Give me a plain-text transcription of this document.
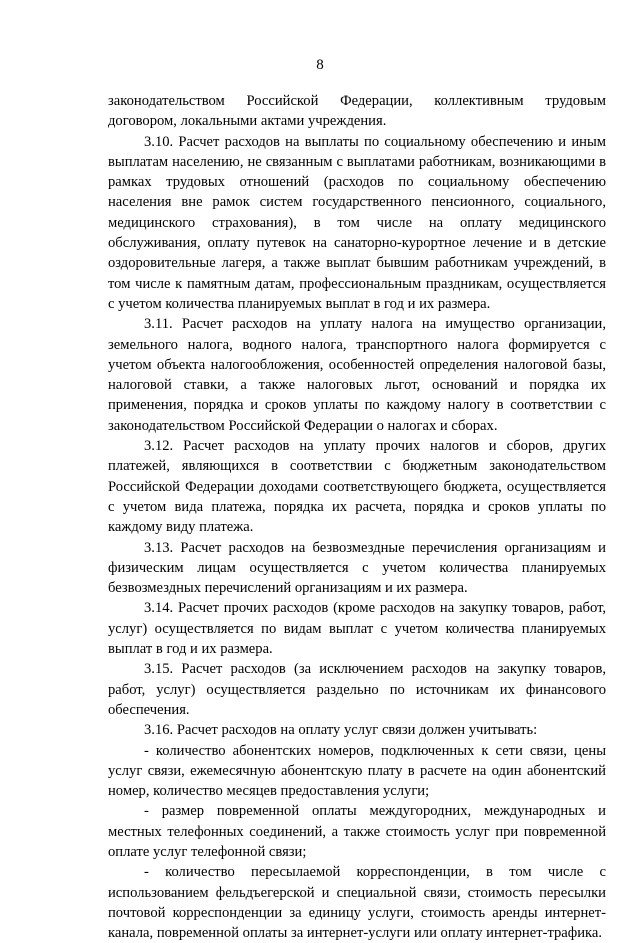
8

законодательством Российской Федерации, коллективным трудовым договором, локальными актами учреждения.

3.10. Расчет расходов на выплаты по социальному обеспечению и иным выплатам населению, не связанным с выплатами работникам, возникающими в рамках трудовых отношений (расходов по социальному обеспечению населения вне рамок систем государственного пенсионного, социального, медицинского страхования), в том числе на оплату медицинского обслуживания, оплату путевок на санаторно-курортное лечение и в детские оздоровительные лагеря, а также выплат бывшим работникам учреждений, в том числе к памятным датам, профессиональным праздникам, осуществляется с учетом количества планируемых выплат в год и их размера.

3.11. Расчет расходов на уплату налога на имущество организации, земельного налога, водного налога, транспортного налога формируется с учетом объекта налогообложения, особенностей определения налоговой базы, налоговой ставки, а также налоговых льгот, оснований и порядка их применения, порядка и сроков уплаты по каждому налогу в соответствии с законодательством Российской Федерации о налогах и сборах.

3.12. Расчет расходов на уплату прочих налогов и сборов, других платежей, являющихся в соответствии с бюджетным законодательством Российской Федерации доходами соответствующего бюджета, осуществляется с учетом вида платежа, порядка их расчета, порядка и сроков уплаты по каждому виду платежа.

3.13. Расчет расходов на безвозмездные перечисления организациям и физическим лицам осуществляется с учетом количества планируемых безвозмездных перечислений организациям и их размера.

3.14. Расчет прочих расходов (кроме расходов на закупку товаров, работ, услуг) осуществляется по видам выплат с учетом количества планируемых выплат в год и их размера.

3.15. Расчет расходов (за исключением расходов на закупку товаров, работ, услуг) осуществляется раздельно по источникам их финансового обеспечения.

3.16. Расчет расходов на оплату услуг связи должен учитывать:

- количество абонентских номеров, подключенных к сети связи, цены услуг связи, ежемесячную абонентскую плату в расчете на один абонентский номер, количество месяцев предоставления услуги;

- размер повременной оплаты междугородних, международных и местных телефонных соединений, а также стоимость услуг при повременной оплате услуг телефонной связи;

- количество пересылаемой корреспонденции, в том числе с использованием фельдъегерской и специальной связи, стоимость пересылки почтовой корреспонденции за единицу услуги, стоимость аренды интернет-канала, повременной оплаты за интернет-услуги или оплату интернет-трафика.
